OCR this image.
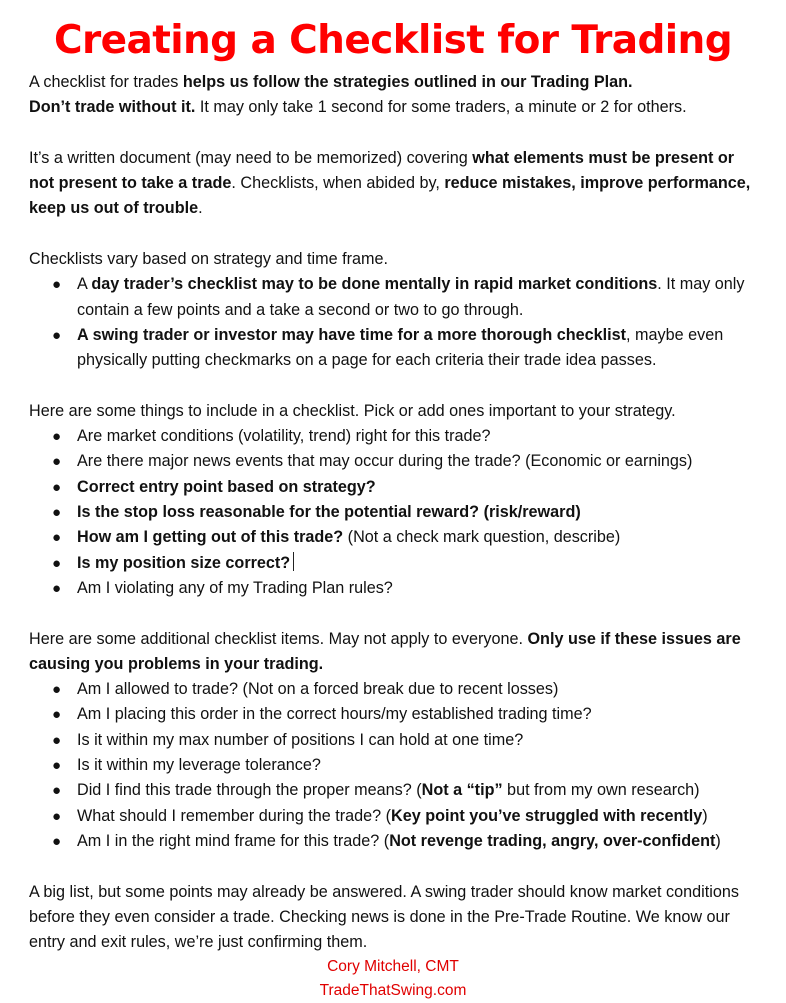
Creating a Checklist for Trading

A checklist for trades helps us follow the strategies outlined in our Trading Plan.
Don’t trade without it. It may only take 1 second for some traders, a minute or 2 for others.

It’s a written document (may need to be memorized) covering what elements must be present or not present to take a trade. Checklists, when abided by, reduce mistakes, improve performance, keep us out of trouble.

Checklists vary based on strategy and time frame.

● A day trader’s checklist may to be done mentally in rapid market conditions. It may only contain a few points and a take a second or two to go through.
● A swing trader or investor may have time for a more thorough checklist, maybe even physically putting checkmarks on a page for each criteria their trade idea passes.

Here are some things to include in a checklist. Pick or add ones important to your strategy.

● Are market conditions (volatility, trend) right for this trade?
● Are there major news events that may occur during the trade? (Economic or earnings)
● Correct entry point based on strategy?
● Is the stop loss reasonable for the potential reward? (risk/reward)
● How am I getting out of this trade? (Not a check mark question, describe)
● Is my position size correct?
● Am I violating any of my Trading Plan rules?

Here are some additional checklist items. May not apply to everyone. Only use if these issues are causing you problems in your trading.

● Am I allowed to trade? (Not on a forced break due to recent losses)
● Am I placing this order in the correct hours/my established trading time?
● Is it within my max number of positions I can hold at one time?
● Is it within my leverage tolerance?
● Did I find this trade through the proper means? (Not a “tip” but from my own research)
● What should I remember during the trade? (Key point you’ve struggled with recently)
● Am I in the right mind frame for this trade? (Not revenge trading, angry, over-confident)

A big list, but some points may already be answered. A swing trader should know market conditions before they even consider a trade. Checking news is done in the Pre-Trade Routine. We know our entry and exit rules, we’re just confirming them.

Cory Mitchell, CMT
TradeThatSwing.com
